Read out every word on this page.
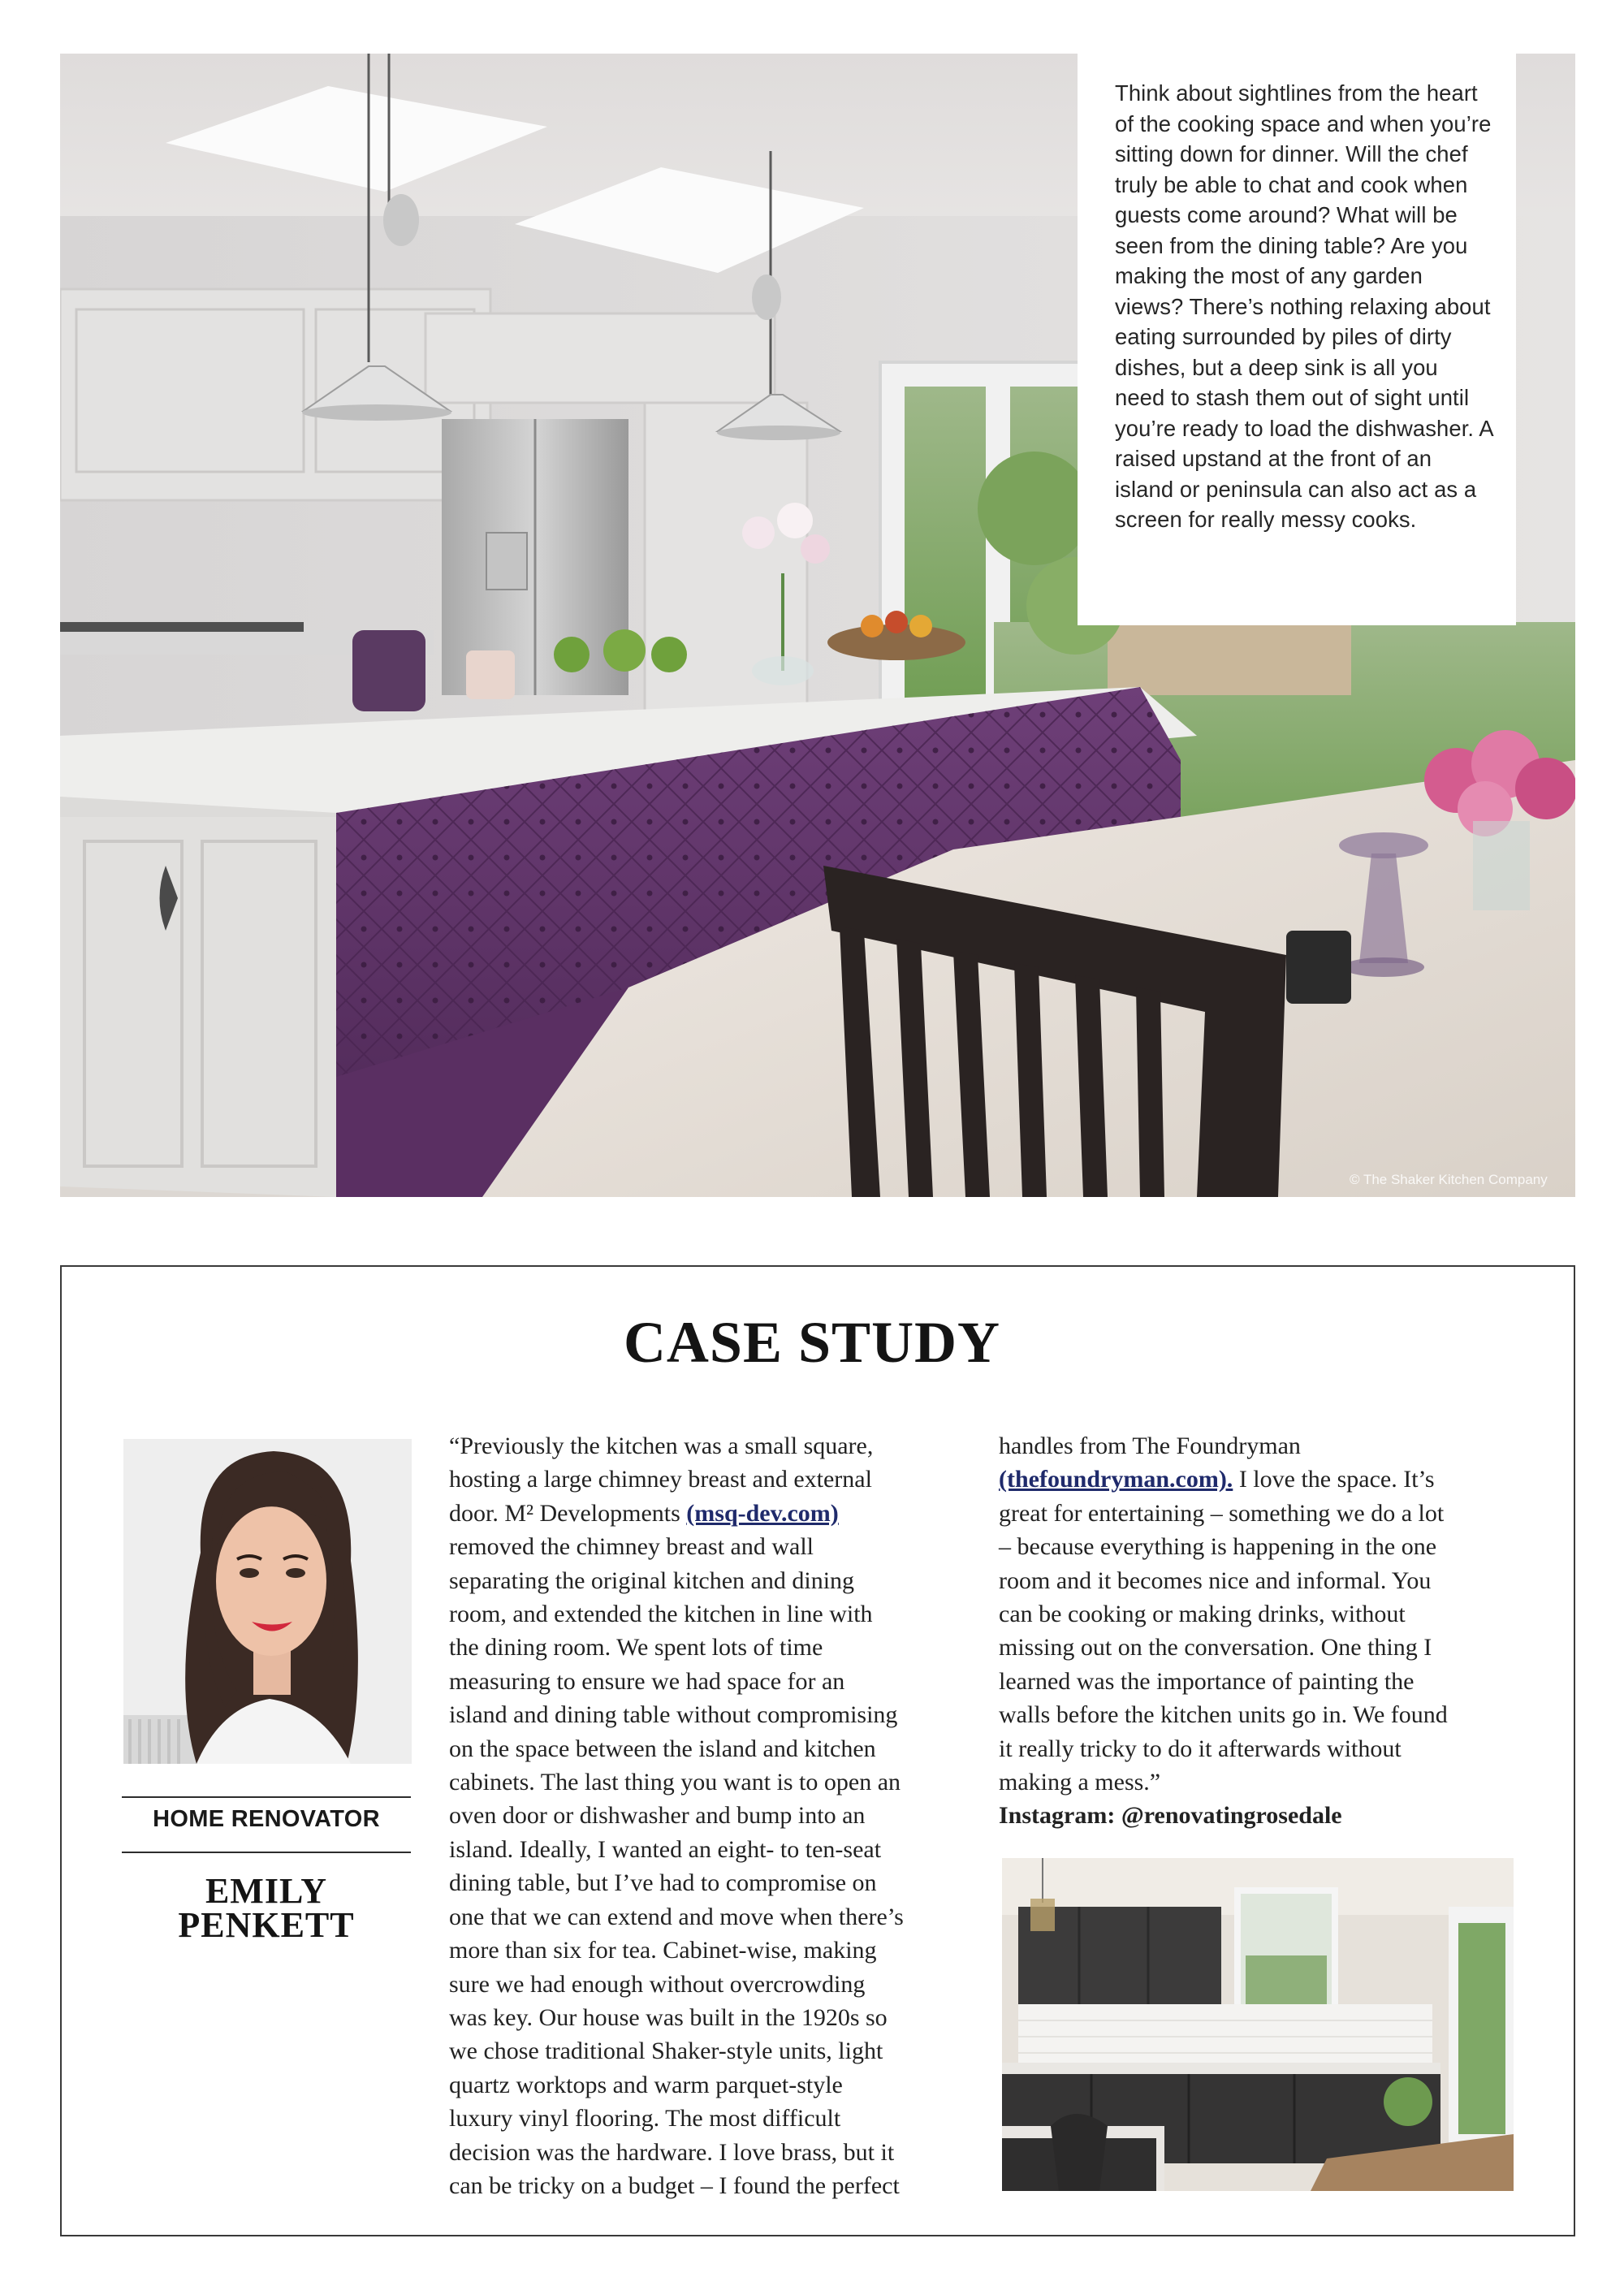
Think about sightlines from the heart of the cooking space and when you’re sitting down for dinner. Will the chef truly be able to chat and cook when guests come around? What will be seen from the dining table? Are you making the most of any garden views? There’s nothing relaxing about eating surrounded by piles of dirty dishes, but a deep sink is all you need to stash them out of sight until you’re ready to load the dishwasher. A raised upstand at the front of an island or peninsula can also act as a screen for really messy cooks.

© The Shaker Kitchen Company
CASE STUDY
HOME RENOVATOR
EMILY
PENKETT
“Previously the kitchen was a small square,
hosting a large chimney breast and external
door. M² Developments (msq-dev.com)
removed the chimney breast and wall
separating the original kitchen and dining
room, and extended the kitchen in line with
the dining room. We spent lots of time
measuring to ensure we had space for an
island and dining table without compromising
on the space between the island and kitchen
cabinets. The last thing you want is to open an
oven door or dishwasher and bump into an
island. Ideally, I wanted an eight- to ten-seat
dining table, but I’ve had to compromise on
one that we can extend and move when there’s
more than six for tea. Cabinet-wise, making
sure we had enough without overcrowding
was key. Our house was built in the 1920s so
we chose traditional Shaker-style units, light
quartz worktops and warm parquet-style
luxury vinyl flooring. The most difficult
decision was the hardware. I love brass, but it
can be tricky on a budget – I found the perfect
handles from The Foundryman
(thefoundryman.com). I love the space. It’s
great for entertaining – something we do a lot
– because everything is happening in the one
room and it becomes nice and informal. You
can be cooking or making drinks, without
missing out on the conversation. One thing I
learned was the importance of painting the
walls before the kitchen units go in. We found
it really tricky to do it afterwards without
making a mess.”
Instagram: @renovatingrosedale
